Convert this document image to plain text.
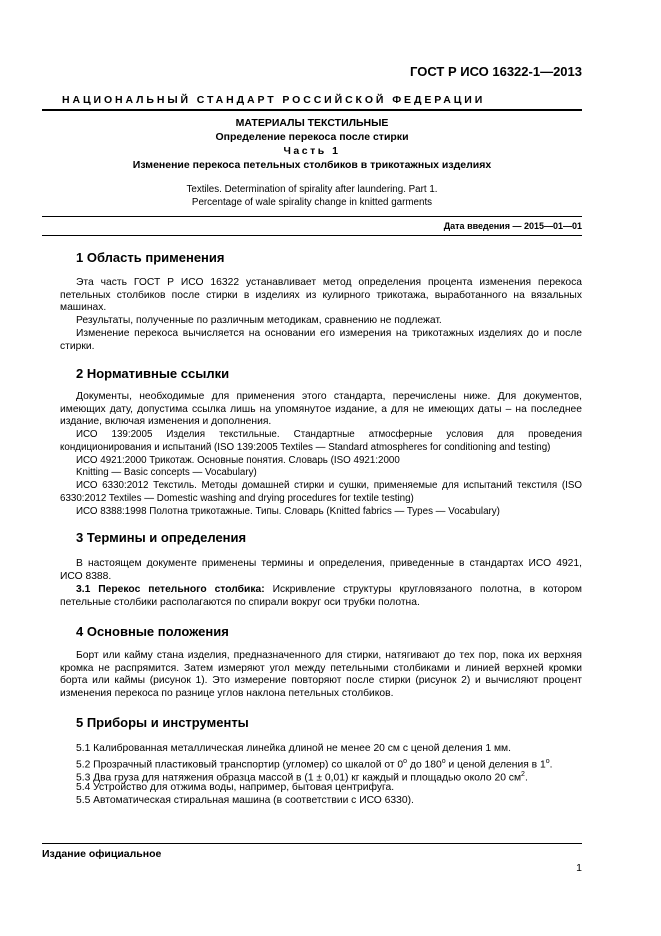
ГОСТ Р ИСО 16322-1—2013
НАЦИОНАЛЬНЫЙ СТАНДАРТ РОССИЙСКОЙ ФЕДЕРАЦИИ
МАТЕРИАЛЫ ТЕКСТИЛЬНЫЕ
Определение перекоса после стирки
Часть 1
Изменение перекоса петельных столбиков в трикотажных изделиях
Textiles. Determination of spirality after laundering. Part 1.
Percentage of wale spirality change in knitted garments
Дата введения — 2015—01—01
1 Область применения

Эта часть ГОСТ Р ИСО 16322 устанавливает метод определения процента изменения перекоса петельных столбиков после стирки в изделиях из кулирного трикотажа, выработанного на вязальных машинах.

Результаты, полученные по различным методикам, сравнению не подлежат.

Изменение перекоса вычисляется на основании его измерения на трикотажных изделиях до и после стирки.

2 Нормативные ссылки

Документы, необходимые для применения этого стандарта, перечислены ниже. Для документов, имеющих дату, допустима ссылка лишь на упомянутое издание, а для не имеющих даты – на последнее издание, включая изменения и дополнения.

ИСО 139:2005 Изделия текстильные. Стандартные атмосферные условия для проведения кондиционирования и испытаний (ISO 139:2005 Textiles — Standard atmospheres for conditioning and testing)

ИСО 4921:2000 Трикотаж. Основные понятия. Словарь (ISO 4921:2000

Knitting — Basic concepts — Vocabulary)

ИСО 6330:2012 Текстиль. Методы домашней стирки и сушки, применяемые для испытаний текстиля (ISO 6330:2012 Textiles — Domestic washing and drying procedures for textile testing)

ИСО 8388:1998 Полотна трикотажные. Типы. Словарь (Knitted fabrics — Types — Vocabulary)

3 Термины и определения

В настоящем документе применены термины и определения, приведенные в стандартах ИСО 4921, ИСО 8388.

3.1 Перекос петельного столбика: Искривление структуры кругловязаного полотна, в котором петельные столбики располагаются по спирали вокруг оси трубки полотна.

4 Основные положения

Борт или кайму стана изделия, предназначенного для стирки, натягивают до тех пор, пока их верхняя кромка не распрямится. Затем измеряют угол между петельными столбиками и линией верхней кромки борта или каймы (рисунок 1). Это измерение повторяют после стирки (рисунок 2) и вычисляют процент изменения перекоса по разнице углов наклона петельных столбиков.

5 Приборы и инструменты

5.1 Калиброванная металлическая линейка длиной не менее 20 см с ценой деления 1 мм.

5.2 Прозрачный пластиковый транспортир (угломер) со шкалой от $0^о$ до $180^о$ и ценой деления в $1^о$.

5.3 Два груза для натяжения образца массой в (1 ± 0,01) кг каждый и площадью около 20 $см^2$.

5.4 Устройство для отжима воды, например, бытовая центрифуга.

5.5 Автоматическая стиральная машина (в соответствии с ИСО 6330).

Издание официальное
1
